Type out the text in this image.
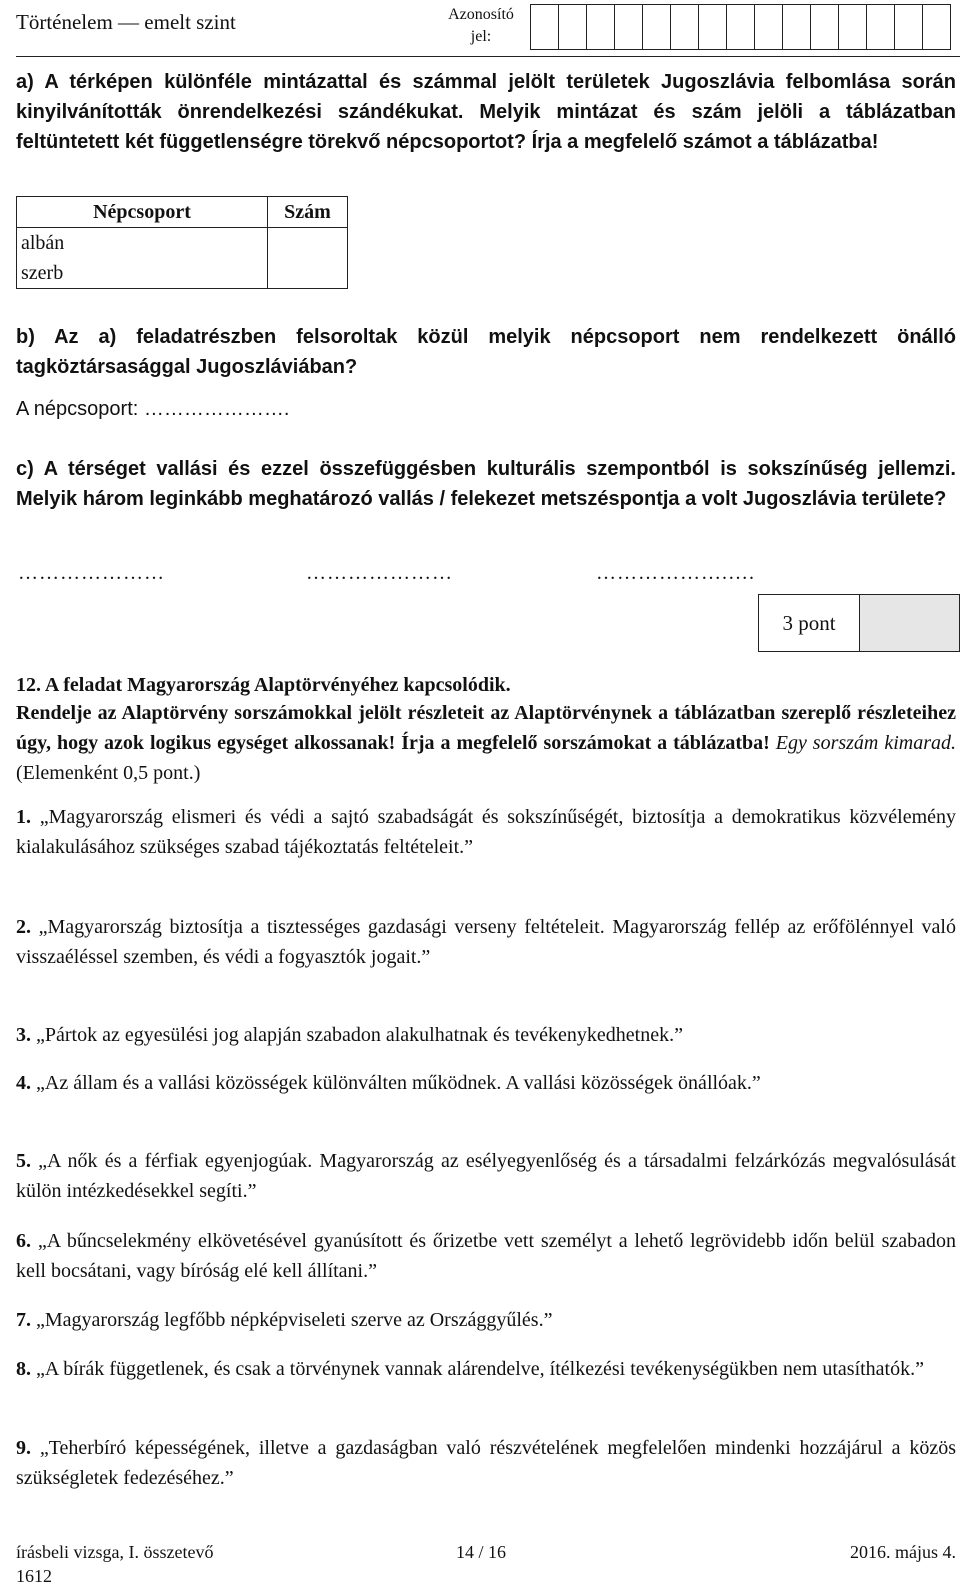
Történelem — emelt szint	Azonosító jel:
a) A térképen különféle mintázattal és számmal jelölt területek Jugoszlávia felbomlása során kinyilvánították önrendelkezési szándékukat. Melyik mintázat és szám jelöli a táblázatban feltüntetett két függetlenségre törekvő népcsoportot? Írja a megfelelő számot a táblázatba!
Népcsoport	Szám
albán	
szerb	
b) Az a) feladatrészben felsoroltak közül melyik népcsoport nem rendelkezett önálló tagköztársasággal Jugoszláviában?
A népcsoport: ………………….
c) A térséget vallási és ezzel összefüggésben kulturális szempontból is sokszínűség jellemzi. Melyik három leginkább meghatározó vallás / felekezet metszéspontja a volt Jugoszlávia területe?
…………………	…………………	……………….….
3 pont
12. A feladat Magyarország Alaptörvényéhez kapcsolódik.
Rendelje az Alaptörvény sorszámokkal jelölt részleteit az Alaptörvénynek a táblázatban szereplő részleteihez úgy, hogy azok logikus egységet alkossanak! Írja a megfelelő sorszámokat a táblázatba! Egy sorszám kimarad. (Elemenként 0,5 pont.)
1. „Magyarország elismeri és védi a sajtó szabadságát és sokszínűségét, biztosítja a demokratikus közvélemény kialakulásához szükséges szabad tájékoztatás feltételeit.”
2. „Magyarország biztosítja a tisztességes gazdasági verseny feltételeit. Magyarország fellép az erőfölénnyel való visszaéléssel szemben, és védi a fogyasztók jogait.”
3. „Pártok az egyesülési jog alapján szabadon alakulhatnak és tevékenykedhetnek.”
4. „Az állam és a vallási közösségek különválten működnek. A vallási közösségek önállóak.”
5. „A nők és a férfiak egyenjogúak. Magyarország az esélyegyenlőség és a társadalmi felzárkózás megvalósulását külön intézkedésekkel segíti.”
6. „A bűncselekmény elkövetésével gyanúsított és őrizetbe vett személyt a lehető legrövidebb időn belül szabadon kell bocsátani, vagy bíróság elé kell állítani.”
7. „Magyarország legfőbb népképviseleti szerve az Országgyűlés.”
8. „A bírák függetlenek, és csak a törvénynek vannak alárendelve, ítélkezési tevékenységükben nem utasíthatók.”
9. „Teherbíró képességének, illetve a gazdaságban való részvételének megfelelően mindenki hozzájárul a közös szükségletek fedezéséhez.”
írásbeli vizsga, I. összetevő	14 / 16	2016. május 4.
1612
